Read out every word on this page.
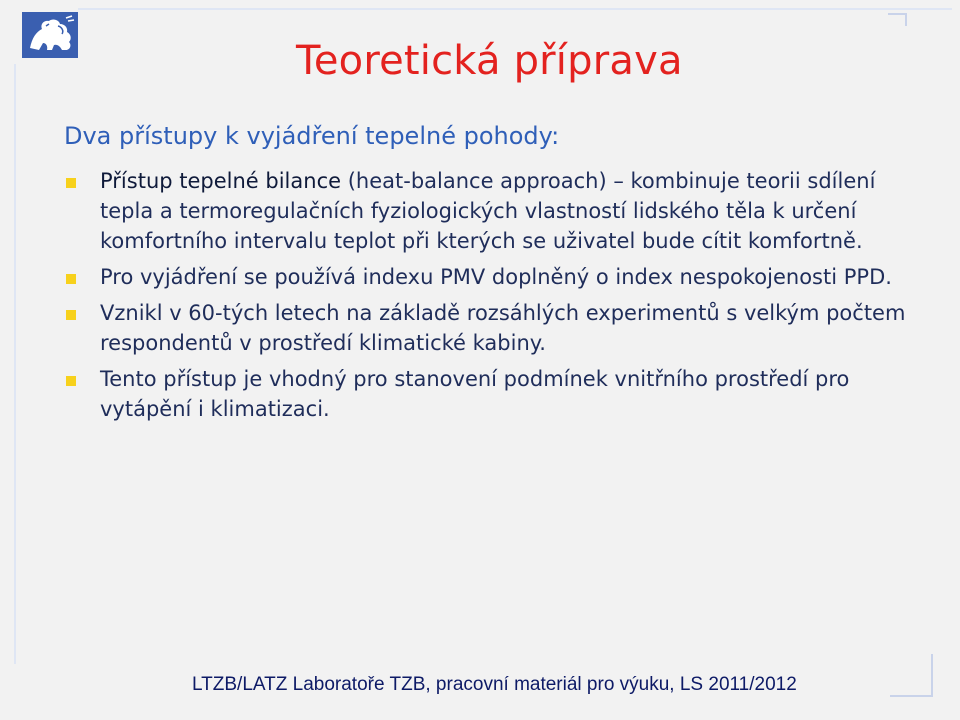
Teoretická příprava
Dva přístupy k vyjádření tepelné pohody:
Přístup tepelné bilance (heat-balance approach) – kombinuje teorii sdílení tepla a termoregulačních fyziologických vlastností lidského těla k určení komfortního intervalu teplot při kterých se uživatel bude cítit komfortně.
Pro vyjádření se používá indexu PMV doplněný o index nespokojenosti PPD.
Vznikl v 60-tých letech na základě rozsáhlých experimentů s velkým počtem respondentů v prostředí klimatické kabiny.
Tento přístup je vhodný pro stanovení podmínek vnitřního prostředí pro vytápění i klimatizaci.
LTZB/LATZ Laboratoře TZB, pracovní materiál pro výuku, LS 2011/2012
